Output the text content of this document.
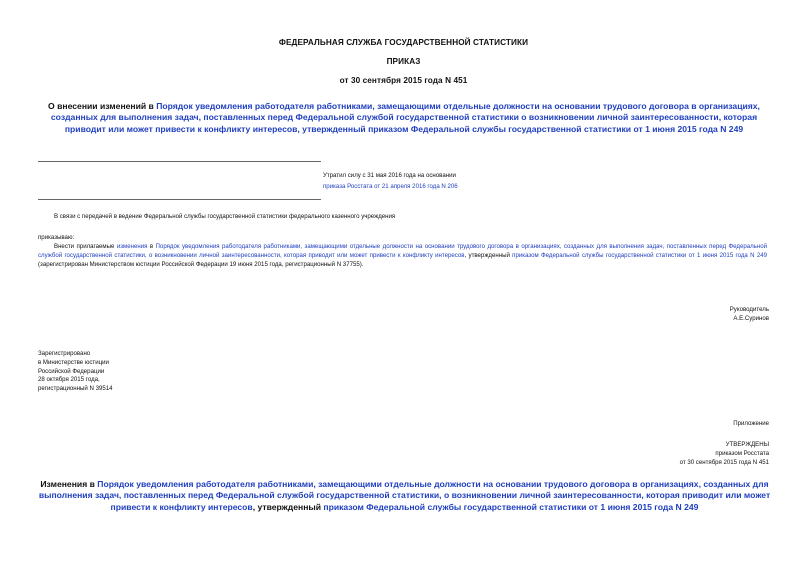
ФЕДЕРАЛЬНАЯ СЛУЖБА ГОСУДАРСТВЕННОЙ СТАТИСТИКИ
ПРИКАЗ
от 30 сентября 2015 года N 451
О внесении изменений в Порядок уведомления работодателя работниками, замещающими отдельные должности на основании трудового договора в организациях, созданных для выполнения задач, поставленных перед Федеральной службой государственной статистики о возникновении личной заинтересованности, которая приводит или может привести к конфликту интересов, утвержденный приказом Федеральной службы государственной статистики от 1 июня 2015 года N 249
Утратил силу с 31 мая 2016 года на основании
приказа Росстата от 21 апреля 2016 года N 206
В связи с передачей в ведение Федеральной службы государственной статистики федерального казенного учреждения
приказываю:
Внести прилагаемые изменения в Порядок уведомления работодателя работниками, замещающими отдельные должности на основании трудового договора в организациях, созданных для выполнения задач, поставленных перед Федеральной службой государственной статистики, о возникновении личной заинтересованности, которая приводит или может привести к конфликту интересов, утвержденный приказом Федеральной службы государственной статистики от 1 июня 2015 года N 249 (зарегистрирован Министерством юстиции Российской Федерации 19 июня 2015 года, регистрационный N 37755).
Руководитель
А.Е.Суринов
Зарегистрировано
в Министерстве юстиции
Российской Федерации
28 октября 2015 года,
регистрационный N 39514
Приложение
УТВЕРЖДЕНЫ
приказом Росстата
от 30 сентября 2015 года N 451
Изменения в Порядок уведомления работодателя работниками, замещающими отдельные должности на основании трудового договора в организациях, созданных для выполнения задач, поставленных перед Федеральной службой государственной статистики, о возникновении личной заинтересованности, которая приводит или может привести к конфликту интересов, утвержденный приказом Федеральной службы государственной статистики от 1 июня 2015 года N 249
